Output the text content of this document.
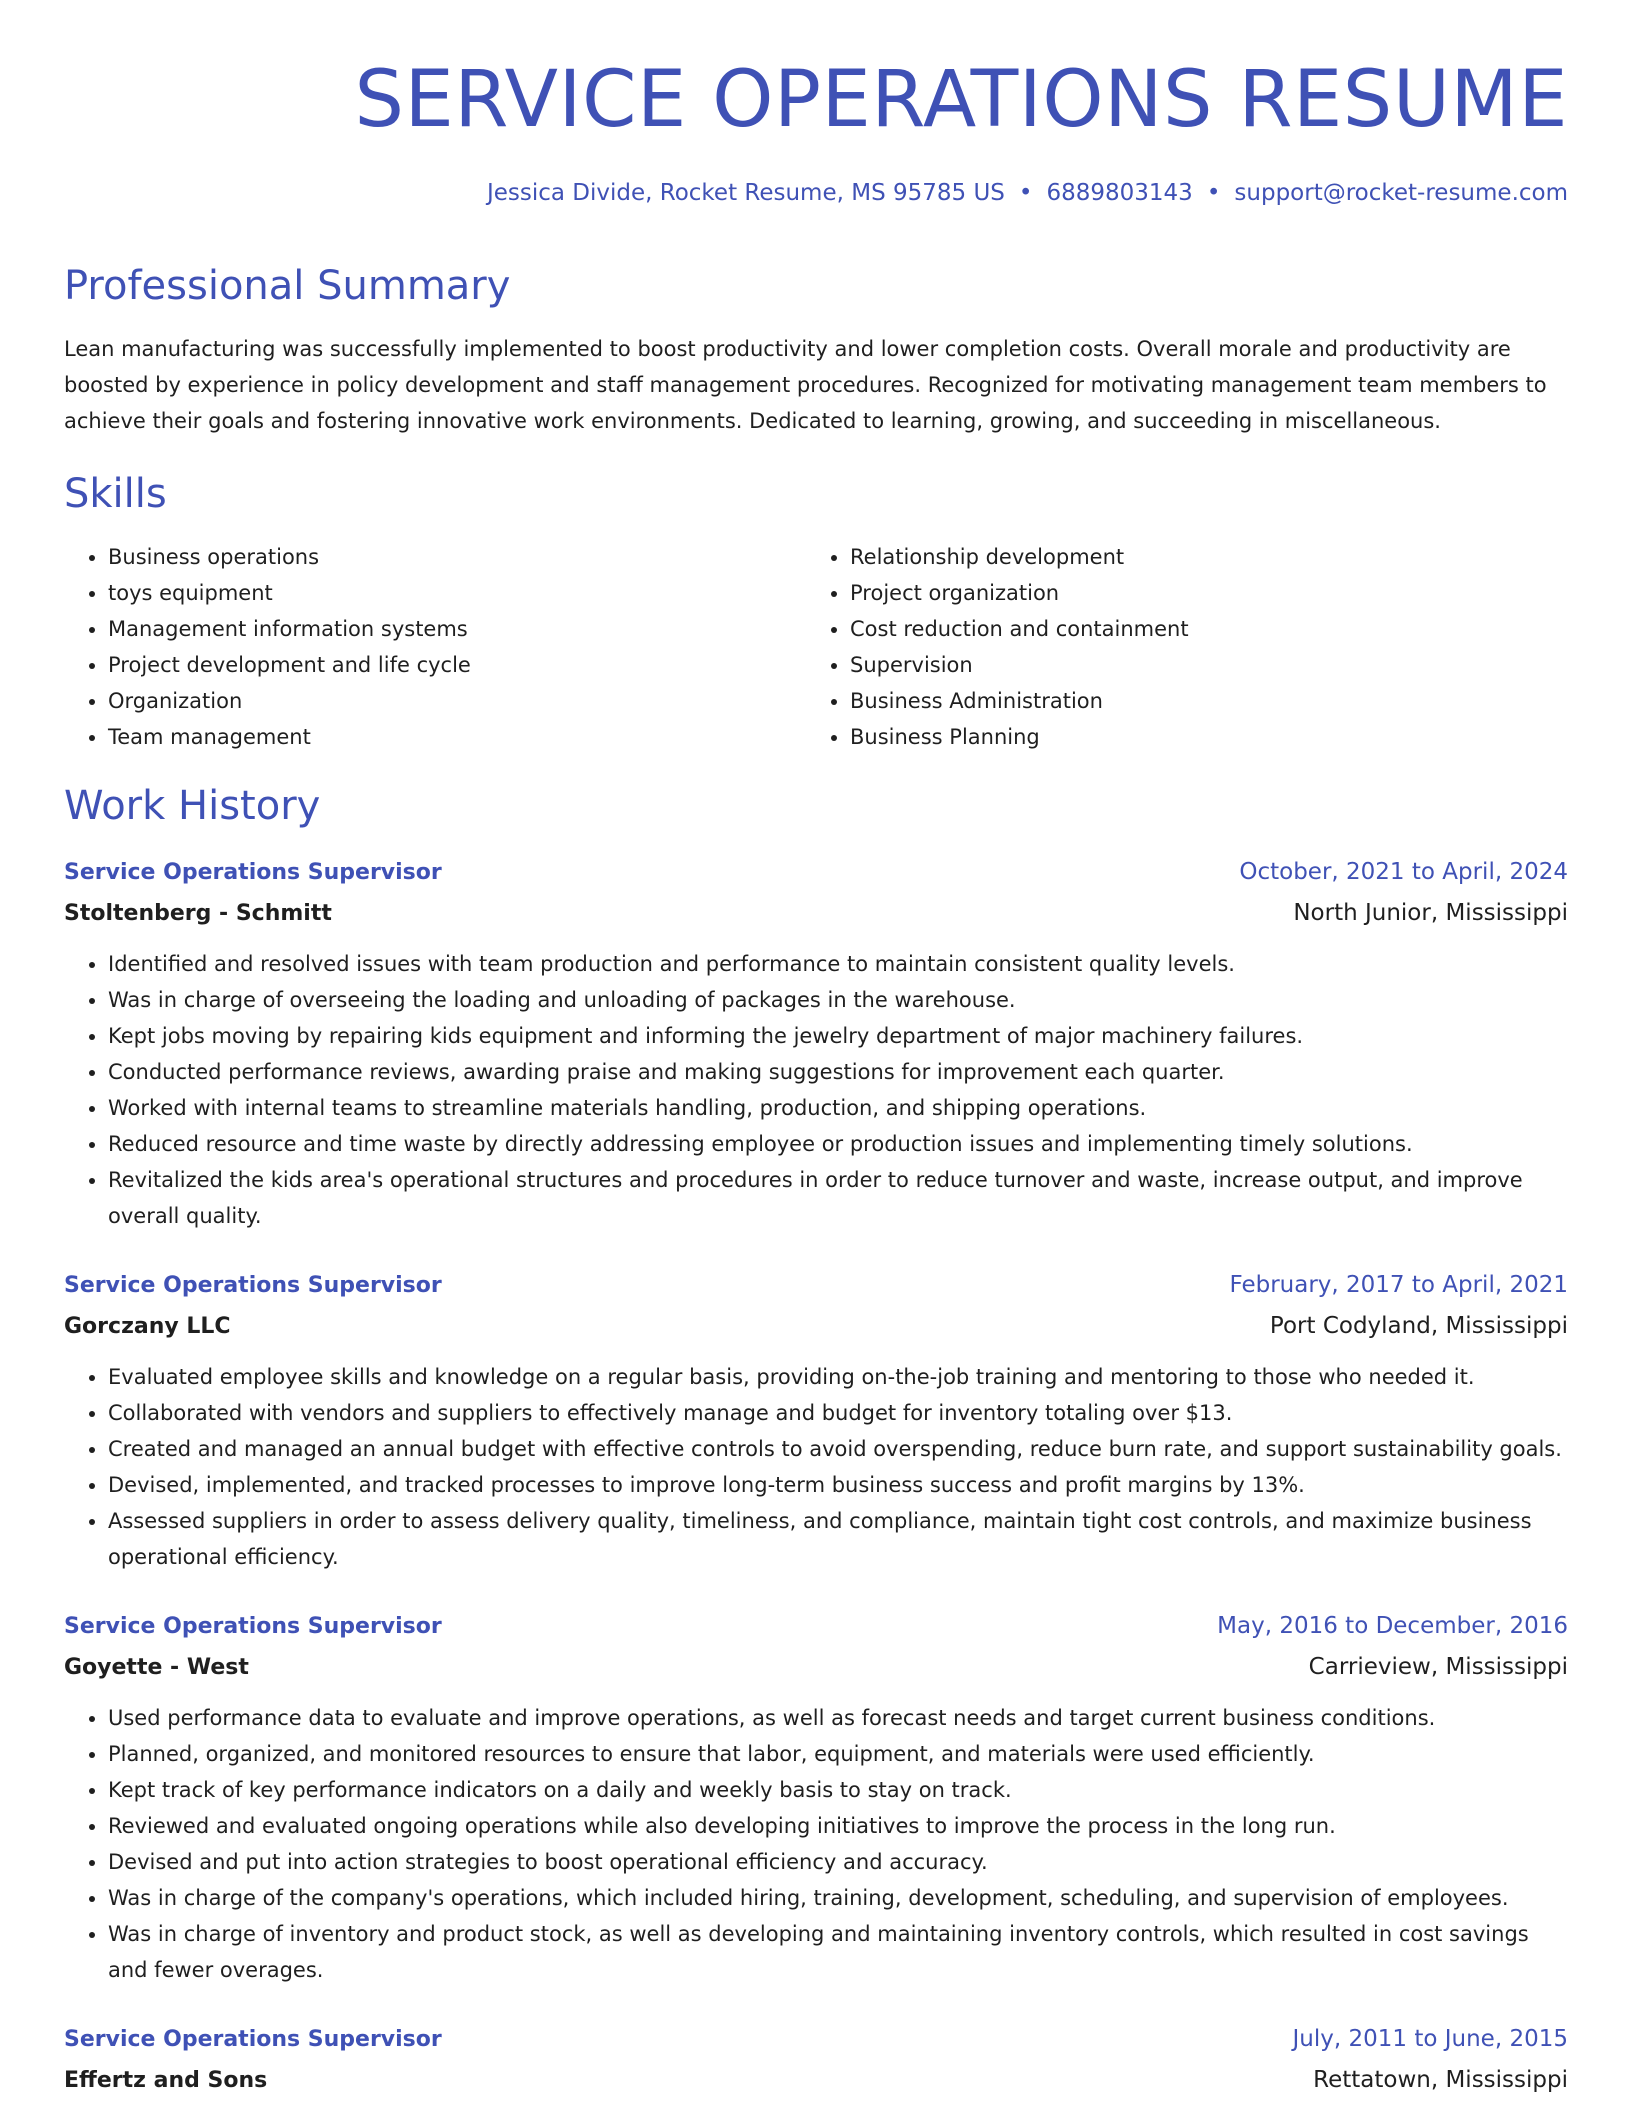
SERVICE OPERATIONS RESUME
Jessica Divide, Rocket Resume, MS 95785 US • 6889803143 • support@rocket-resume.com
Professional Summary

Lean manufacturing was successfully implemented to boost productivity and lower completion costs. Overall morale and productivity are boosted by experience in policy development and staff management procedures. Recognized for motivating management team members to achieve their goals and fostering innovative work environments. Dedicated to learning, growing, and succeeding in miscellaneous.

Skills
• Business operations
• toys equipment
• Management information systems
• Project development and life cycle
• Organization
• Team management
• Relationship development
• Project organization
• Cost reduction and containment
• Supervision
• Business Administration
• Business Planning
Work History
Service Operations Supervisor	October, 2021 to April, 2024
Stoltenberg - Schmitt	North Junior, Mississippi
• Identified and resolved issues with team production and performance to maintain consistent quality levels.
• Was in charge of overseeing the loading and unloading of packages in the warehouse.
• Kept jobs moving by repairing kids equipment and informing the jewelry department of major machinery failures.
• Conducted performance reviews, awarding praise and making suggestions for improvement each quarter.
• Worked with internal teams to streamline materials handling, production, and shipping operations.
• Reduced resource and time waste by directly addressing employee or production issues and implementing timely solutions.
• Revitalized the kids area's operational structures and procedures in order to reduce turnover and waste, increase output, and improve overall quality.
Service Operations Supervisor	February, 2017 to April, 2021
Gorczany LLC	Port Codyland, Mississippi
• Evaluated employee skills and knowledge on a regular basis, providing on-the-job training and mentoring to those who needed it.
• Collaborated with vendors and suppliers to effectively manage and budget for inventory totaling over $13.
• Created and managed an annual budget with effective controls to avoid overspending, reduce burn rate, and support sustainability goals.
• Devised, implemented, and tracked processes to improve long-term business success and profit margins by 13%.
• Assessed suppliers in order to assess delivery quality, timeliness, and compliance, maintain tight cost controls, and maximize business operational efficiency.
Service Operations Supervisor	May, 2016 to December, 2016
Goyette - West	Carrieview, Mississippi
• Used performance data to evaluate and improve operations, as well as forecast needs and target current business conditions.
• Planned, organized, and monitored resources to ensure that labor, equipment, and materials were used efficiently.
• Kept track of key performance indicators on a daily and weekly basis to stay on track.
• Reviewed and evaluated ongoing operations while also developing initiatives to improve the process in the long run.
• Devised and put into action strategies to boost operational efficiency and accuracy.
• Was in charge of the company's operations, which included hiring, training, development, scheduling, and supervision of employees.
• Was in charge of inventory and product stock, as well as developing and maintaining inventory controls, which resulted in cost savings and fewer overages.
Service Operations Supervisor	July, 2011 to June, 2015
Effertz and Sons	Rettatown, Mississippi
